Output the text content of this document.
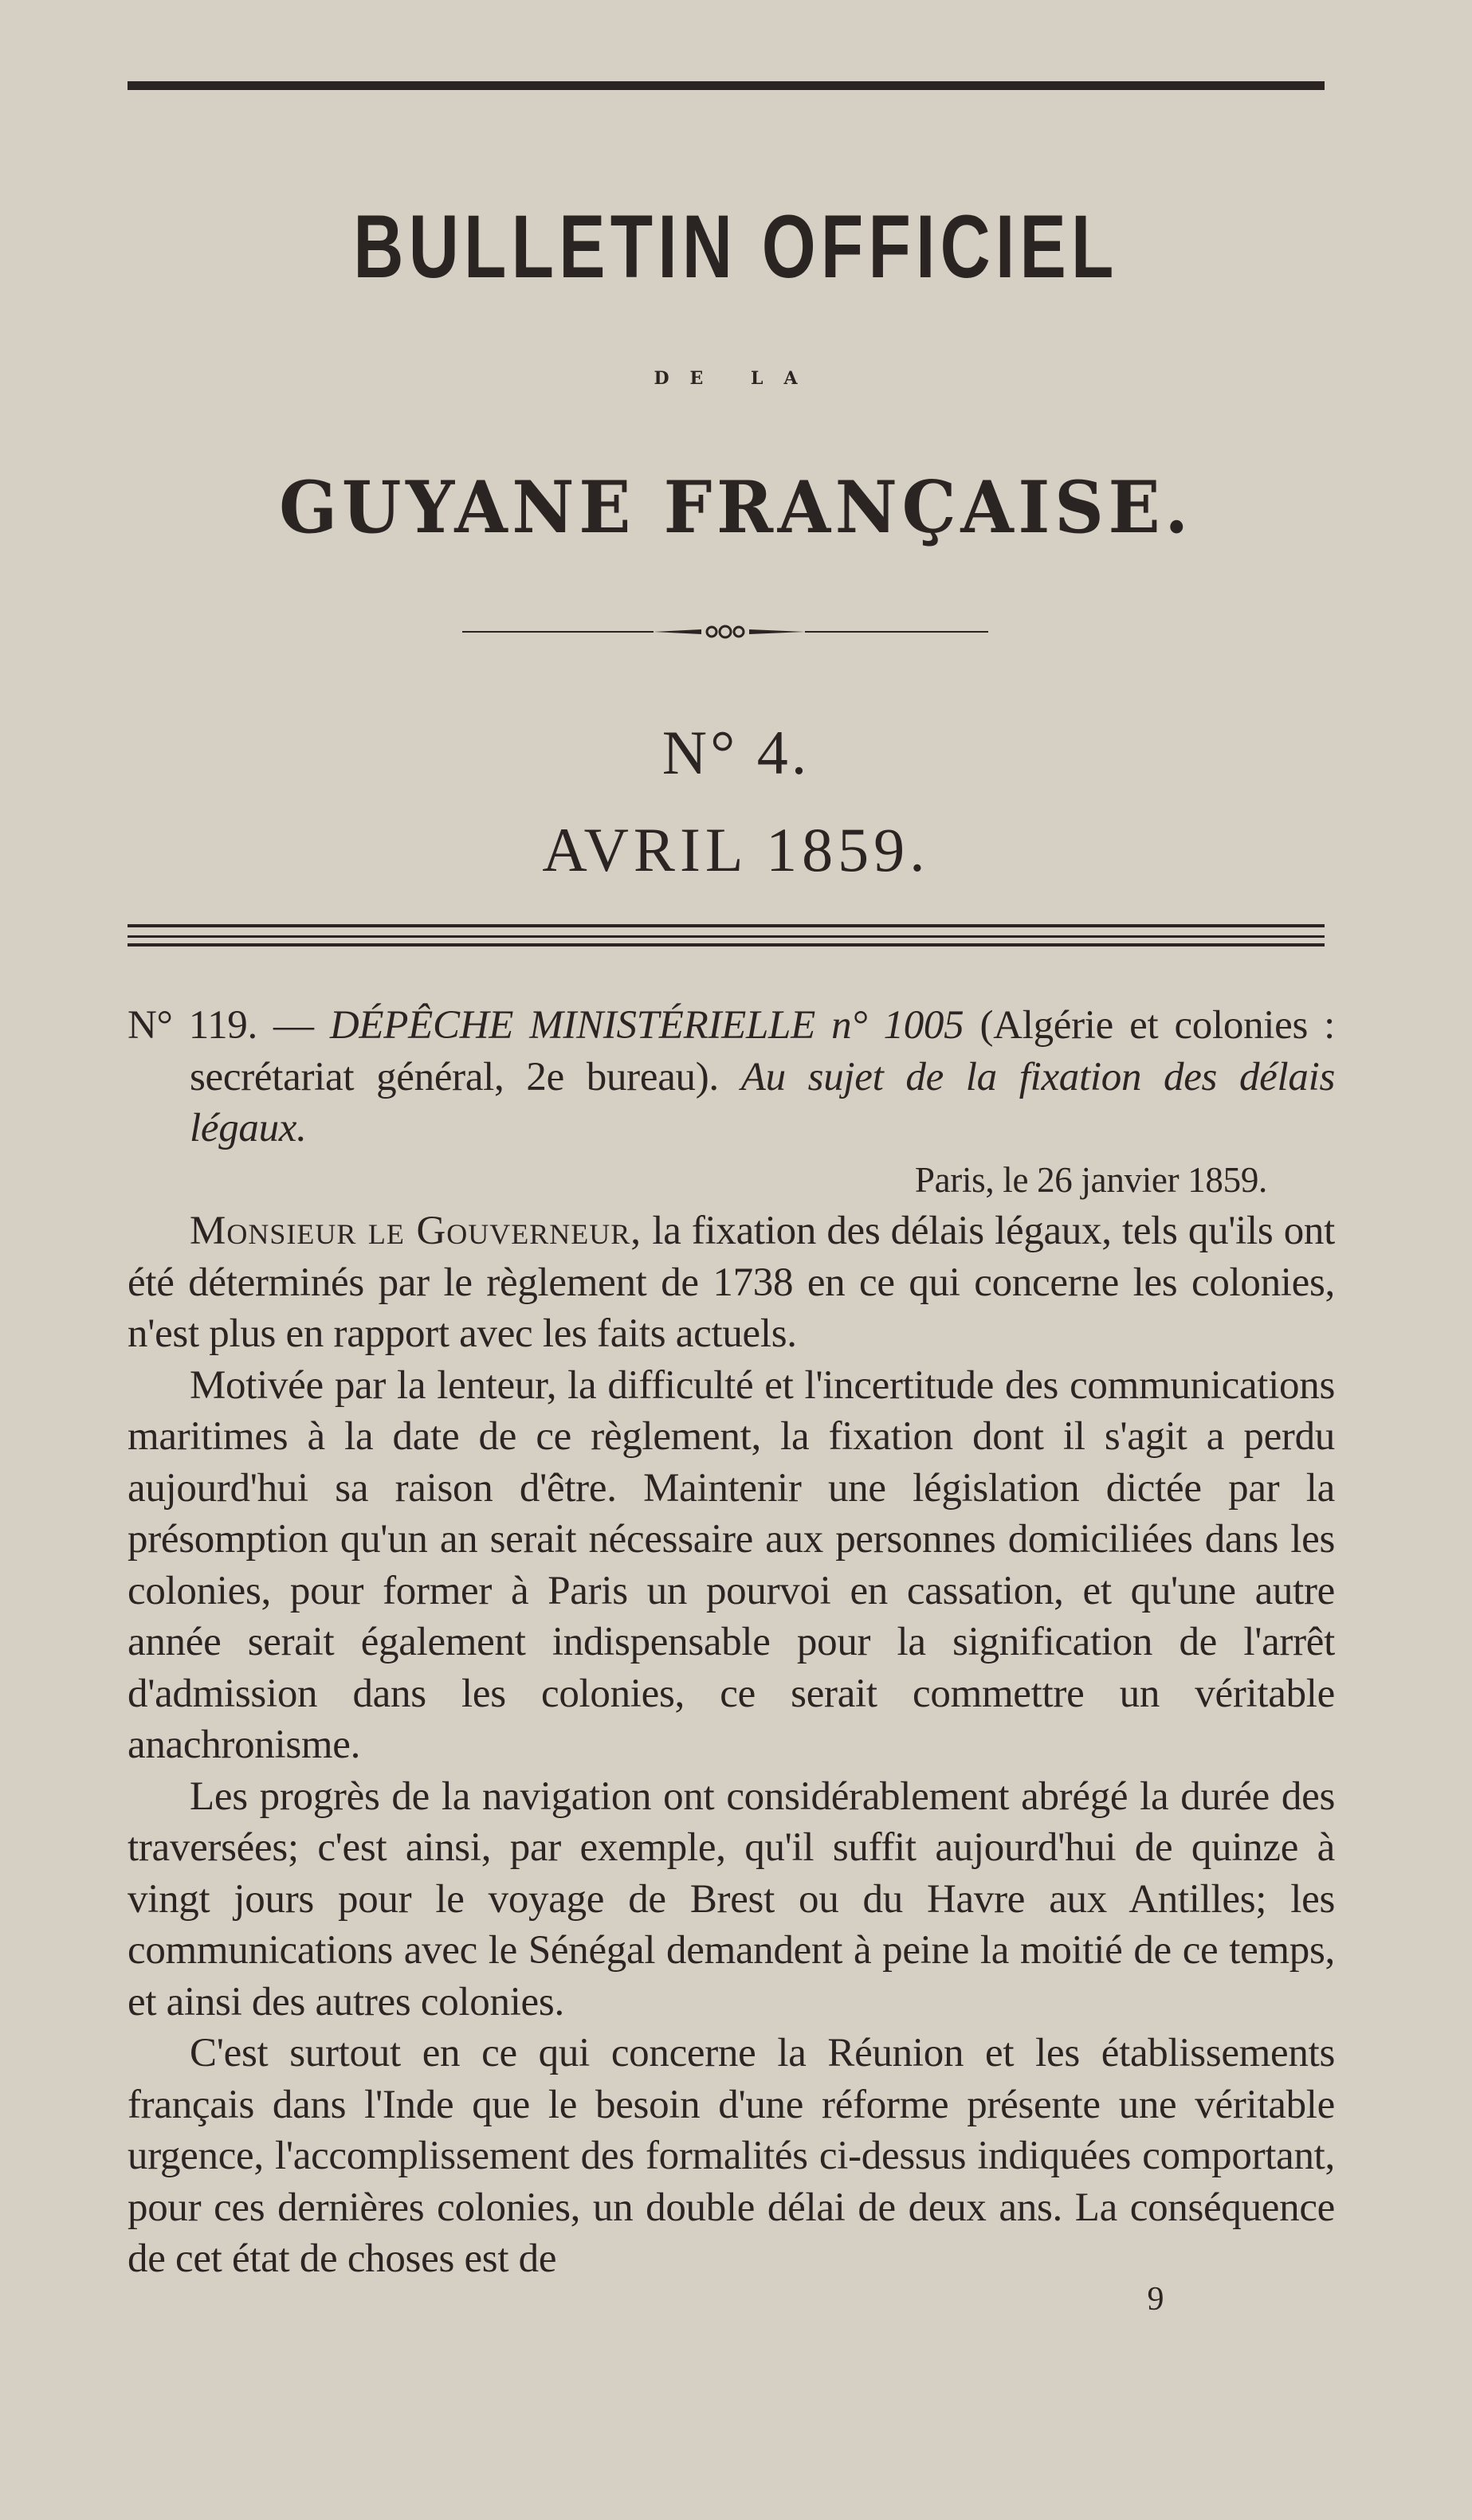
BULLETIN OFFICIEL
DE LA
GUYANE FRANÇAISE.
N° 4.
AVRIL 1859.

N° 119. — DÉPÊCHE MINISTÉRIELLE n° 1005 (Algérie et colonies : secrétariat général, 2e bureau). Au sujet de la fixation des délais légaux.

Paris, le 26 janvier 1859.

Monsieur le Gouverneur, la fixation des délais légaux, tels qu'ils ont été déterminés par le règlement de 1738 en ce qui concerne les colonies, n'est plus en rapport avec les faits actuels.

Motivée par la lenteur, la difficulté et l'incertitude des communications maritimes à la date de ce règlement, la fixation dont il s'agit a perdu aujourd'hui sa raison d'être. Maintenir une législation dictée par la présomption qu'un an serait nécessaire aux personnes domiciliées dans les colonies, pour former à Paris un pourvoi en cassation, et qu'une autre année serait également indispensable pour la signification de l'arrêt d'admission dans les colonies, ce serait commettre un véritable anachronisme.

Les progrès de la navigation ont considérablement abrégé la durée des traversées; c'est ainsi, par exemple, qu'il suffit aujourd'hui de quinze à vingt jours pour le voyage de Brest ou du Havre aux Antilles; les communications avec le Sénégal demandent à peine la moitié de ce temps, et ainsi des autres colonies.

C'est surtout en ce qui concerne la Réunion et les établissements français dans l'Inde que le besoin d'une réforme présente une véritable urgence, l'accomplissement des formalités ci-dessus indiquées comportant, pour ces dernières colonies, un double délai de deux ans. La conséquence de cet état de choses est de

9
